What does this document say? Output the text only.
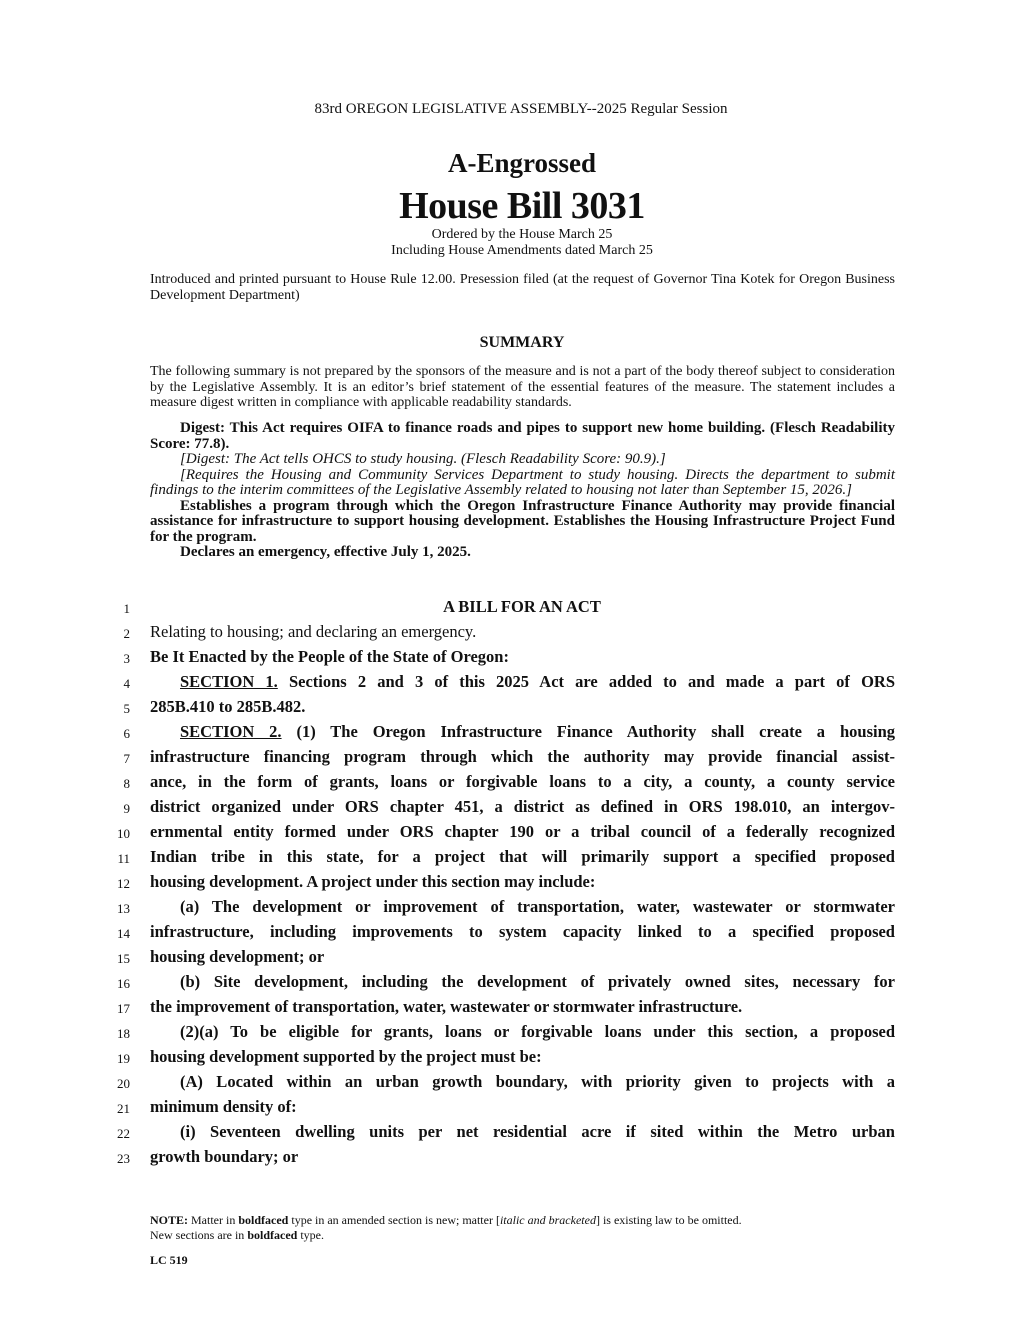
83rd OREGON LEGISLATIVE ASSEMBLY--2025 Regular Session
A-Engrossed
House Bill 3031
Ordered by the House March 25
Including House Amendments dated March 25
Introduced and printed pursuant to House Rule 12.00. Presession filed (at the request of Governor Tina Kotek for Oregon Business Development Department)
SUMMARY
The following summary is not prepared by the sponsors of the measure and is not a part of the body thereof subject to consideration by the Legislative Assembly. It is an editor’s brief statement of the essential features of the measure. The statement includes a measure digest written in compliance with applicable readability standards.
Digest: This Act requires OIFA to finance roads and pipes to support new home building. (Flesch Readability Score: 77.8).
[Digest: The Act tells OHCS to study housing. (Flesch Readability Score: 90.9).]
[Requires the Housing and Community Services Department to study housing. Directs the department to submit findings to the interim committees of the Legislative Assembly related to housing not later than September 15, 2026.]
Establishes a program through which the Oregon Infrastructure Finance Authority may provide financial assistance for infrastructure to support housing development. Establishes the Housing Infrastructure Project Fund for the program.
Declares an emergency, effective July 1, 2025.
1	A BILL FOR AN ACT
2 Relating to housing; and declaring an emergency.
3 Be It Enacted by the People of the State of Oregon:
4	SECTION 1. Sections 2 and 3 of this 2025 Act are added to and made a part of ORS
5 285B.410 to 285B.482.
6	SECTION 2. (1) The Oregon Infrastructure Finance Authority shall create a housing
7 infrastructure financing program through which the authority may provide financial assist-
8 ance, in the form of grants, loans or forgivable loans to a city, a county, a county service
9 district organized under ORS chapter 451, a district as defined in ORS 198.010, an intergov-
10 ernmental entity formed under ORS chapter 190 or a tribal council of a federally recognized
11 Indian tribe in this state, for a project that will primarily support a specified proposed
12 housing development. A project under this section may include:
13	(a) The development or improvement of transportation, water, wastewater or stormwater
14 infrastructure, including improvements to system capacity linked to a specified proposed
15 housing development; or
16	(b) Site development, including the development of privately owned sites, necessary for
17 the improvement of transportation, water, wastewater or stormwater infrastructure.
18	(2)(a) To be eligible for grants, loans or forgivable loans under this section, a proposed
19 housing development supported by the project must be:
20	(A) Located within an urban growth boundary, with priority given to projects with a
21 minimum density of:
22	(i) Seventeen dwelling units per net residential acre if sited within the Metro urban
23 growth boundary; or
NOTE: Matter in boldfaced type in an amended section is new; matter [italic and bracketed] is existing law to be omitted.
New sections are in boldfaced type.
LC 519
